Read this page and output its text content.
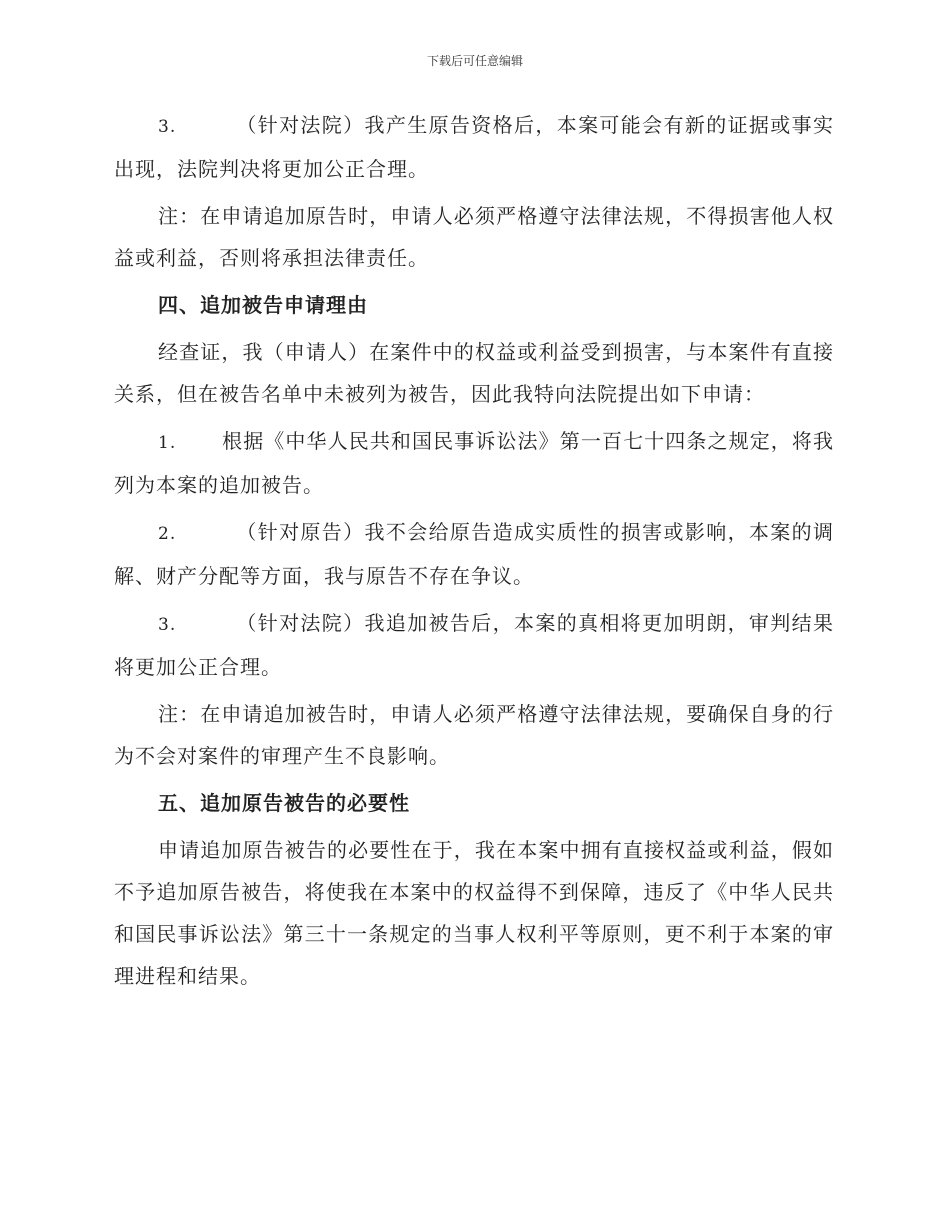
下载后可任意编辑

3.	（针对法院）我产生原告资格后，本案可能会有新的证据或事实出现，法院判决将更加公正合理。

注：在申请追加原告时，申请人必须严格遵守法律法规，不得损害他人权益或利益，否则将承担法律责任。

四、追加被告申请理由

经查证，我（申请人）在案件中的权益或利益受到损害，与本案件有直接关系，但在被告名单中未被列为被告，因此我特向法院提出如下申请：

1. 根据《中华人民共和国民事诉讼法》第一百七十四条之规定，将我列为本案的追加被告。

2.	（针对原告）我不会给原告造成实质性的损害或影响，本案的调解、财产分配等方面，我与原告不存在争议。

3.	（针对法院）我追加被告后，本案的真相将更加明朗，审判结果将更加公正合理。

注：在申请追加被告时，申请人必须严格遵守法律法规，要确保自身的行为不会对案件的审理产生不良影响。

五、追加原告被告的必要性

申请追加原告被告的必要性在于，我在本案中拥有直接权益或利益，假如不予追加原告被告，将使我在本案中的权益得不到保障，违反了《中华人民共和国民事诉讼法》第三十一条规定的当事人权利平等原则，更不利于本案的审理进程和结果。
